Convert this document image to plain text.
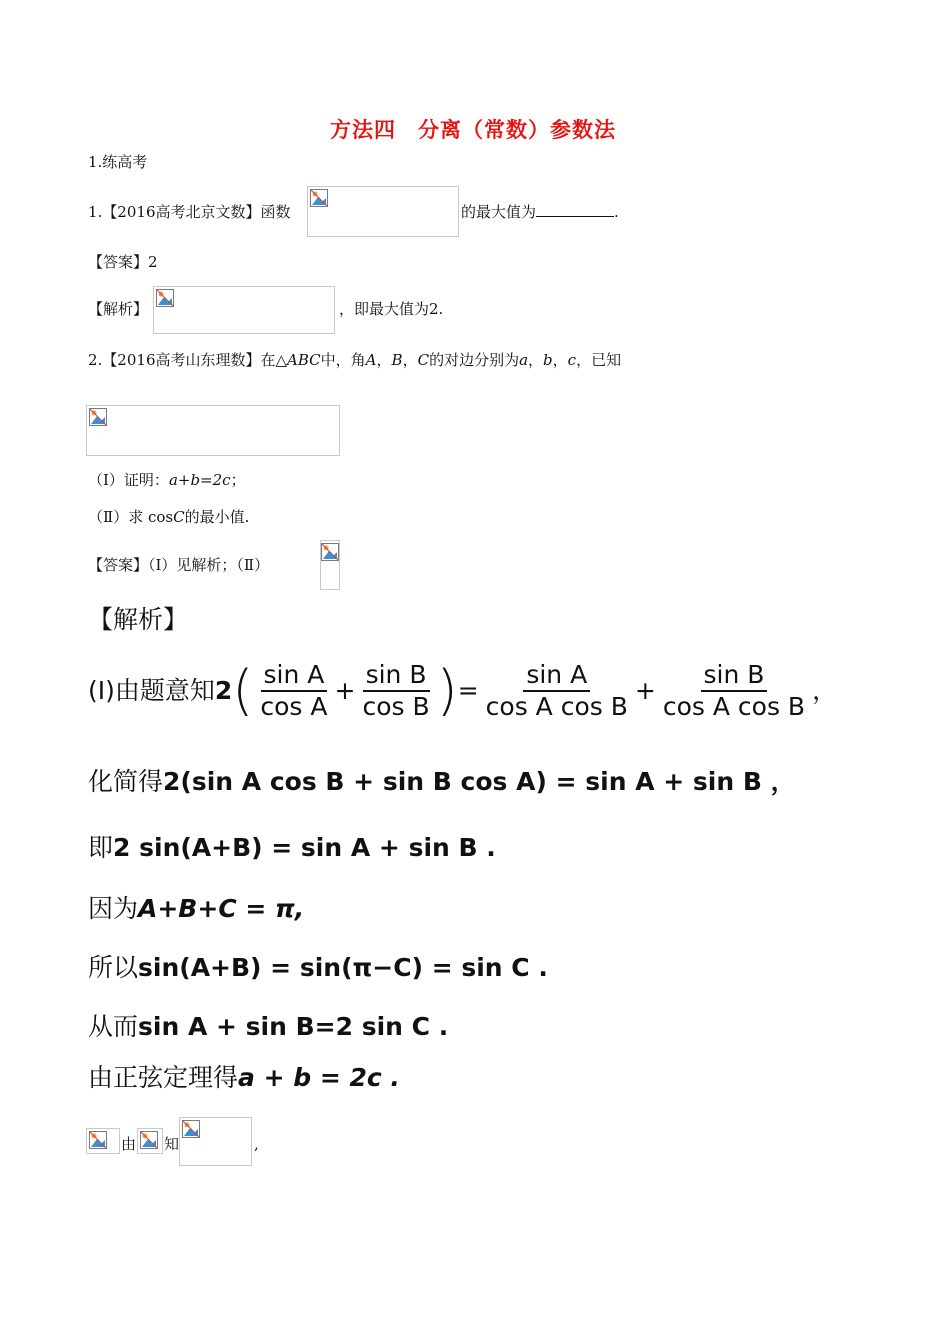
方法四　分离（常数）参数法
1.练高考
1.【2016高考北京文数】函数	的最大值为	.
【答案】2
【解析】	，即最大值为2.
2.【2016高考山东理数】在△ABC中，角A，B，C的对边分别为a，b，c，已知
（Ⅰ）证明：a+b=2c；
（Ⅱ）求 cosC的最小值.
【答案】（Ⅰ）见解析；（Ⅱ）
【解析】
(I)由题意知 2 ( $\frac{\text{sin A}}{\text{cos A}} + \frac{\text{sin B}}{\text{cos B}}$ ) = $\frac{\text{sin A}}{\text{cos A cos B}} + \frac{\text{sin B}}{\text{cos A cos B}}$ ，
化简得2(sin A cos B + sin B cos A) = sin A + sin B ，
即2 sin(A+B) = sin A + sin B .
因为A+B+C = π,
所以sin(A+B) = sin(π−C) = sin C .
从而sin A + sin B=2 sin C .
由正弦定理得a + b = 2c .
由 知	,
